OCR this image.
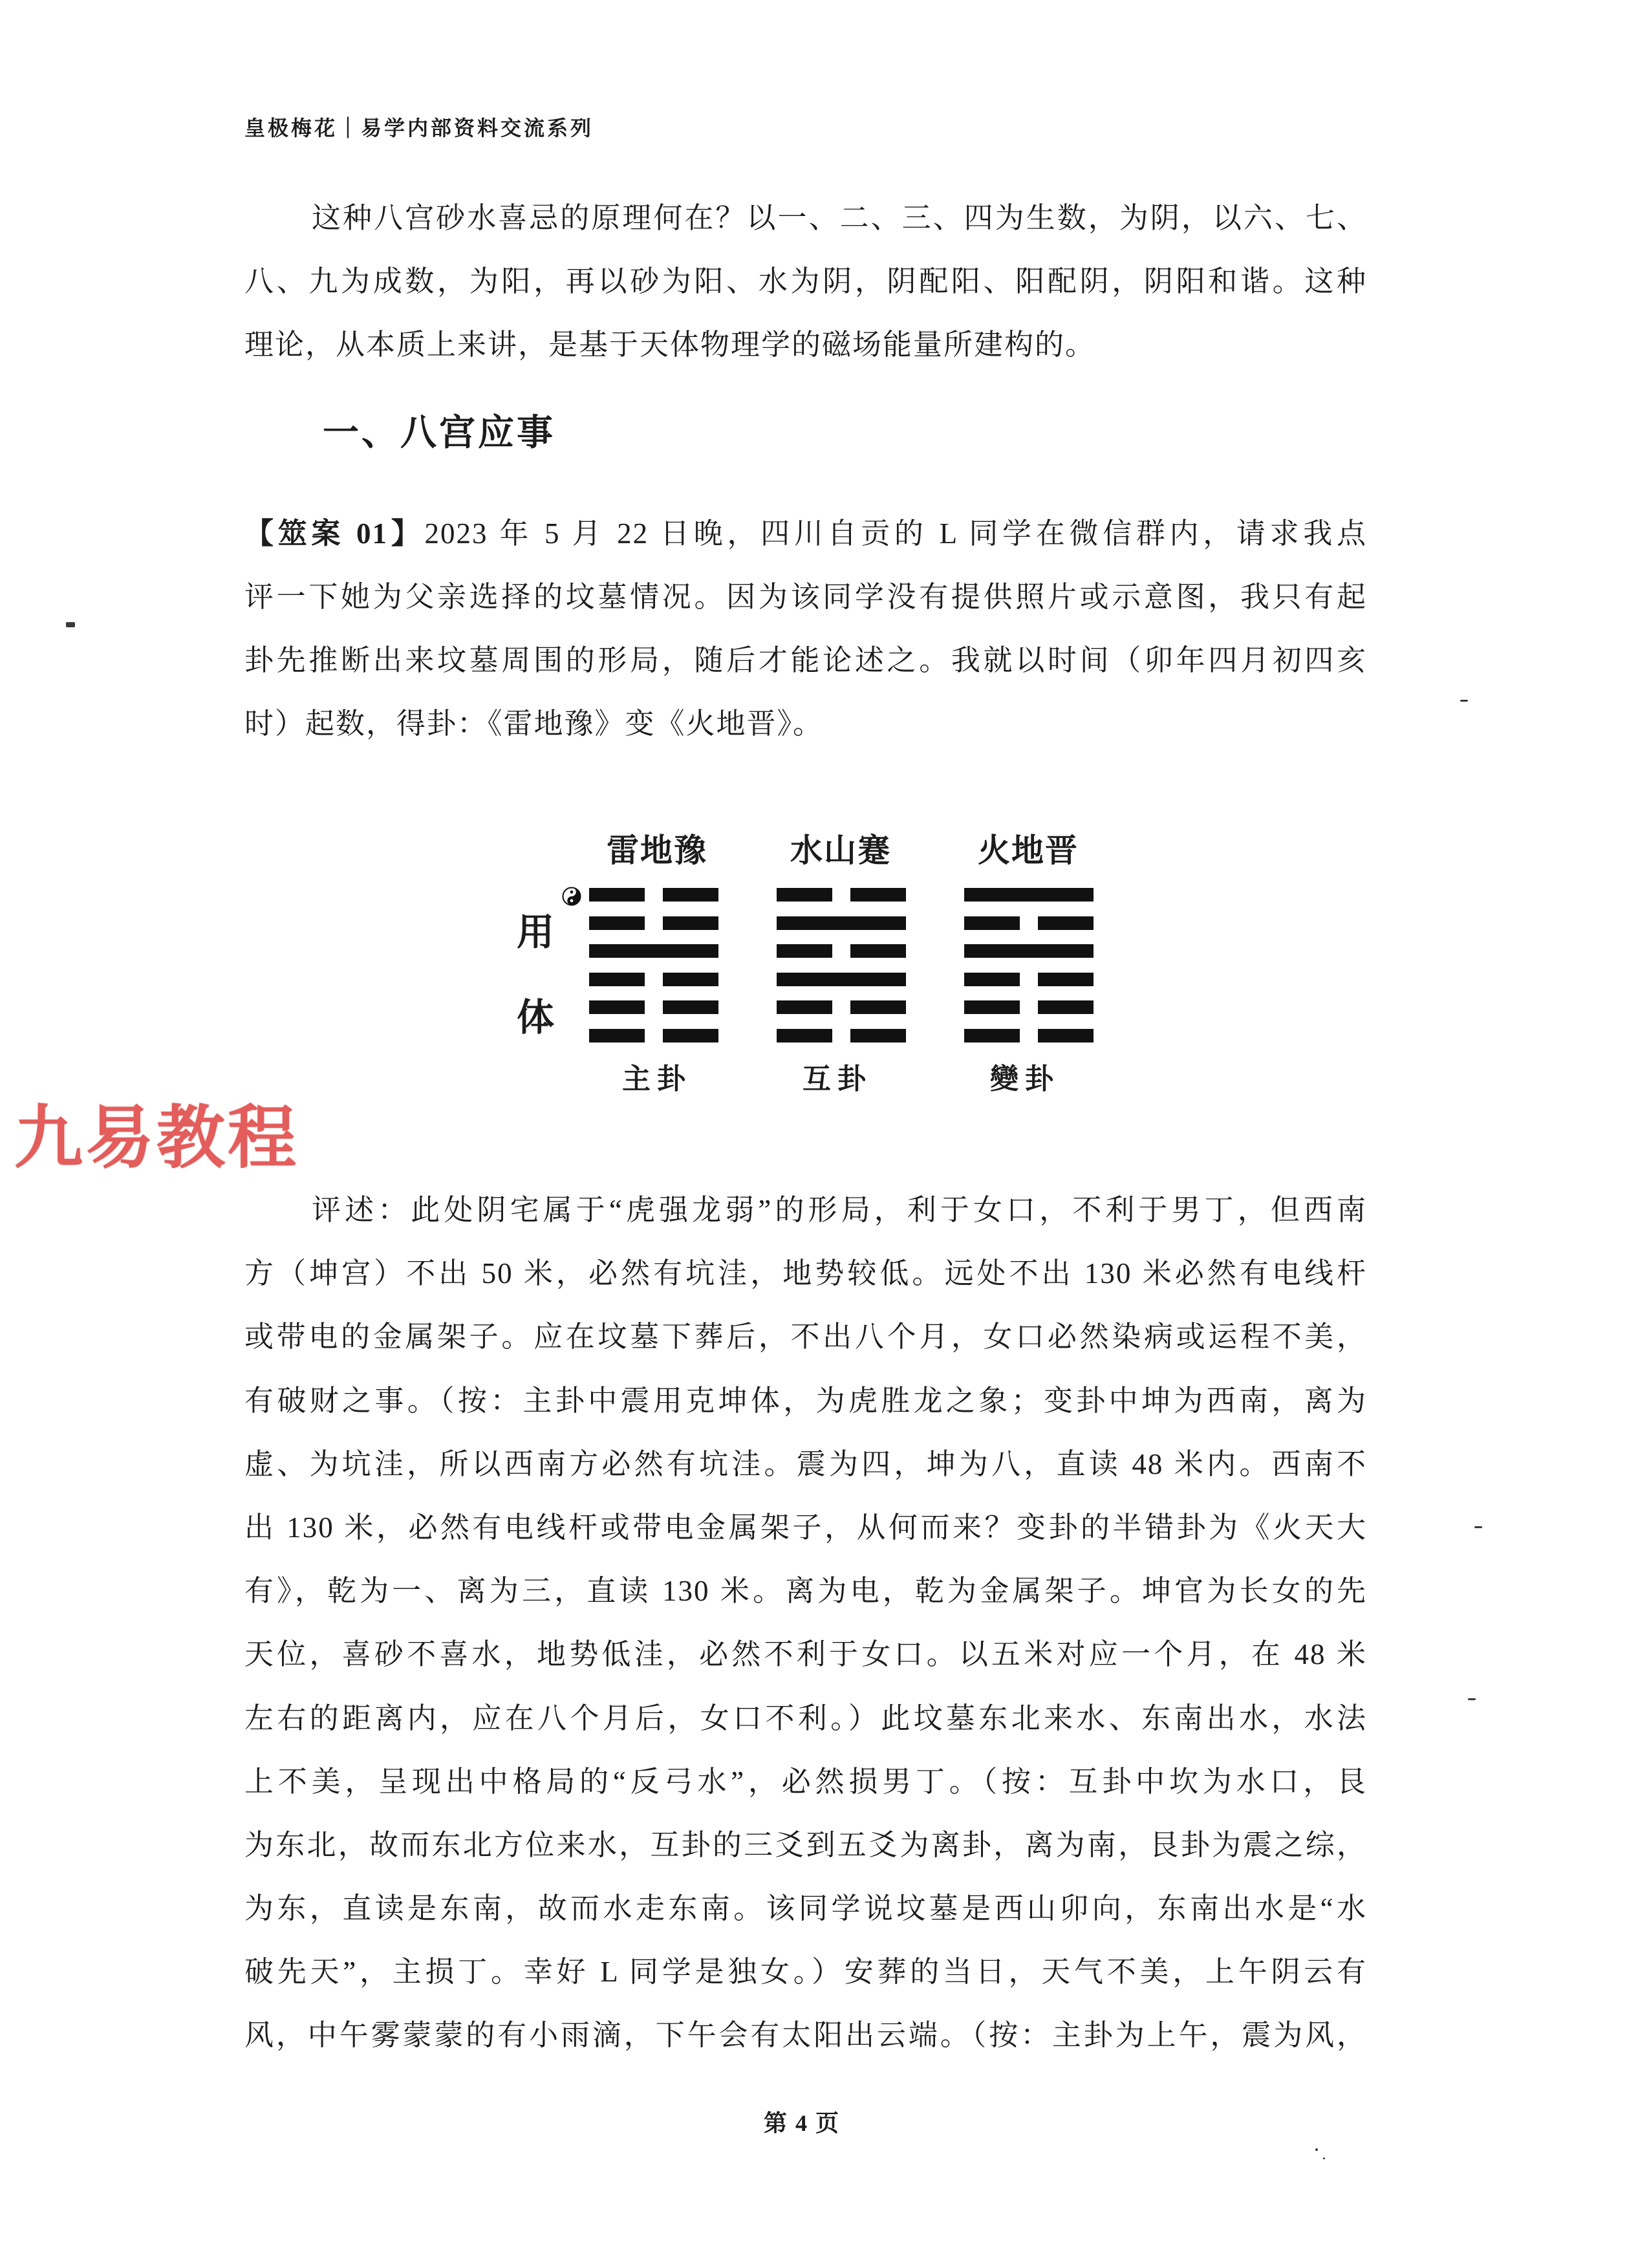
皇极梅花｜易学内部资料交流系列
这种八宫砂水喜忌的原理何在？以一、二、三、四为生数，为阴，以六、七、
八、九为成数，为阳，再以砂为阳、水为阴，阴配阳、阳配阴，阴阳和谐。这种
理论，从本质上来讲，是基于天体物理学的磁场能量所建构的。
一、八宫应事
【筮案 01】2023 年 5 月 22 日晚，四川自贡的 L 同学在微信群内，请求我点
评一下她为父亲选择的坟墓情况。因为该同学没有提供照片或示意图，我只有起
卦先推断出来坟墓周围的形局，随后才能论述之。我就以时间（卯年四月初四亥
时）起数，得卦：《雷地豫》变《火地晋》。
雷地豫	水山蹇	火地晋
用
体
主卦	互卦	變卦
九易教程
评述：此处阴宅属于“虎强龙弱”的形局，利于女口，不利于男丁，但西南
方（坤宫）不出 50 米，必然有坑洼，地势较低。远处不出 130 米必然有电线杆
或带电的金属架子。应在坟墓下葬后，不出八个月，女口必然染病或运程不美，
有破财之事。（按：主卦中震用克坤体，为虎胜龙之象；变卦中坤为西南，离为
虚、为坑洼，所以西南方必然有坑洼。震为四，坤为八，直读 48 米内。西南不
出 130 米，必然有电线杆或带电金属架子，从何而来？变卦的半错卦为《火天大
有》，乾为一、离为三，直读 130 米。离为电，乾为金属架子。坤官为长女的先
天位，喜砂不喜水，地势低洼，必然不利于女口。以五米对应一个月，在 48 米
左右的距离内，应在八个月后，女口不利。）此坟墓东北来水、东南出水，水法
上不美，呈现出中格局的“反弓水”，必然损男丁。（按：互卦中坎为水口，艮
为东北，故而东北方位来水，互卦的三爻到五爻为离卦，离为南，艮卦为震之综，
为东，直读是东南，故而水走东南。该同学说坟墓是西山卯向，东南出水是“水
破先天”，主损丁。幸好 L 同学是独女。）安葬的当日，天气不美，上午阴云有
风，中午雾蒙蒙的有小雨滴，下午会有太阳出云端。（按：主卦为上午，震为风，
第 4 页
